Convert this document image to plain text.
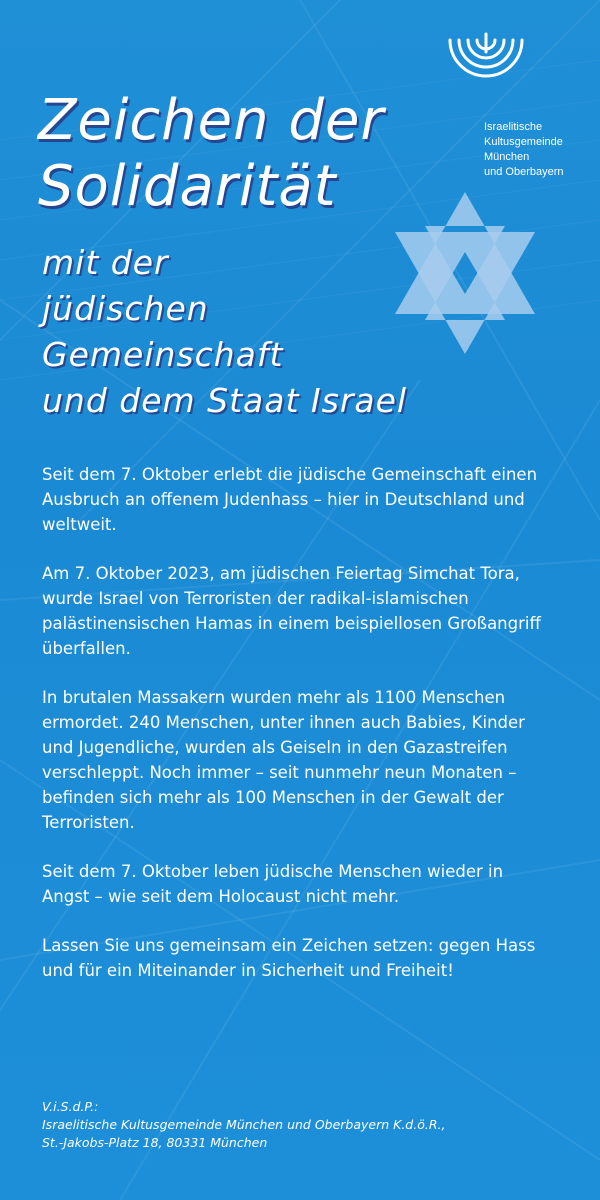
Zeichen der
Solidarität
mit der
jüdischen
Gemeinschaft
und dem Staat Israel
Israelitische
Kultusgemeinde
München
und Oberbayern

Seit dem 7. Oktober erlebt die jüdische Gemeinschaft einen Ausbruch an offenem Judenhass – hier in Deutschland und weltweit.

Am 7. Oktober 2023, am jüdischen Feiertag Simchat Tora, wurde Israel von Terroristen der radikal-islamischen palästinensischen Hamas in einem beispiellosen Großangriff überfallen.

In brutalen Massakern wurden mehr als 1100 Menschen ermordet. 240 Menschen, unter ihnen auch Babies, Kinder und Jugendliche, wurden als Geiseln in den Gazastreifen verschleppt. Noch immer – seit nunmehr neun Monaten – befinden sich mehr als 100 Menschen in der Gewalt der Terroristen.

Seit dem 7. Oktober leben jüdische Menschen wieder in Angst – wie seit dem Holocaust nicht mehr.

Lassen Sie uns gemeinsam ein Zeichen setzen: gegen Hass und für ein Miteinander in Sicherheit und Freiheit!

V.i.S.d.P.:
Israelitische Kultusgemeinde München und Oberbayern K.d.ö.R.,
St.-Jakobs-Platz 18, 80331 München
